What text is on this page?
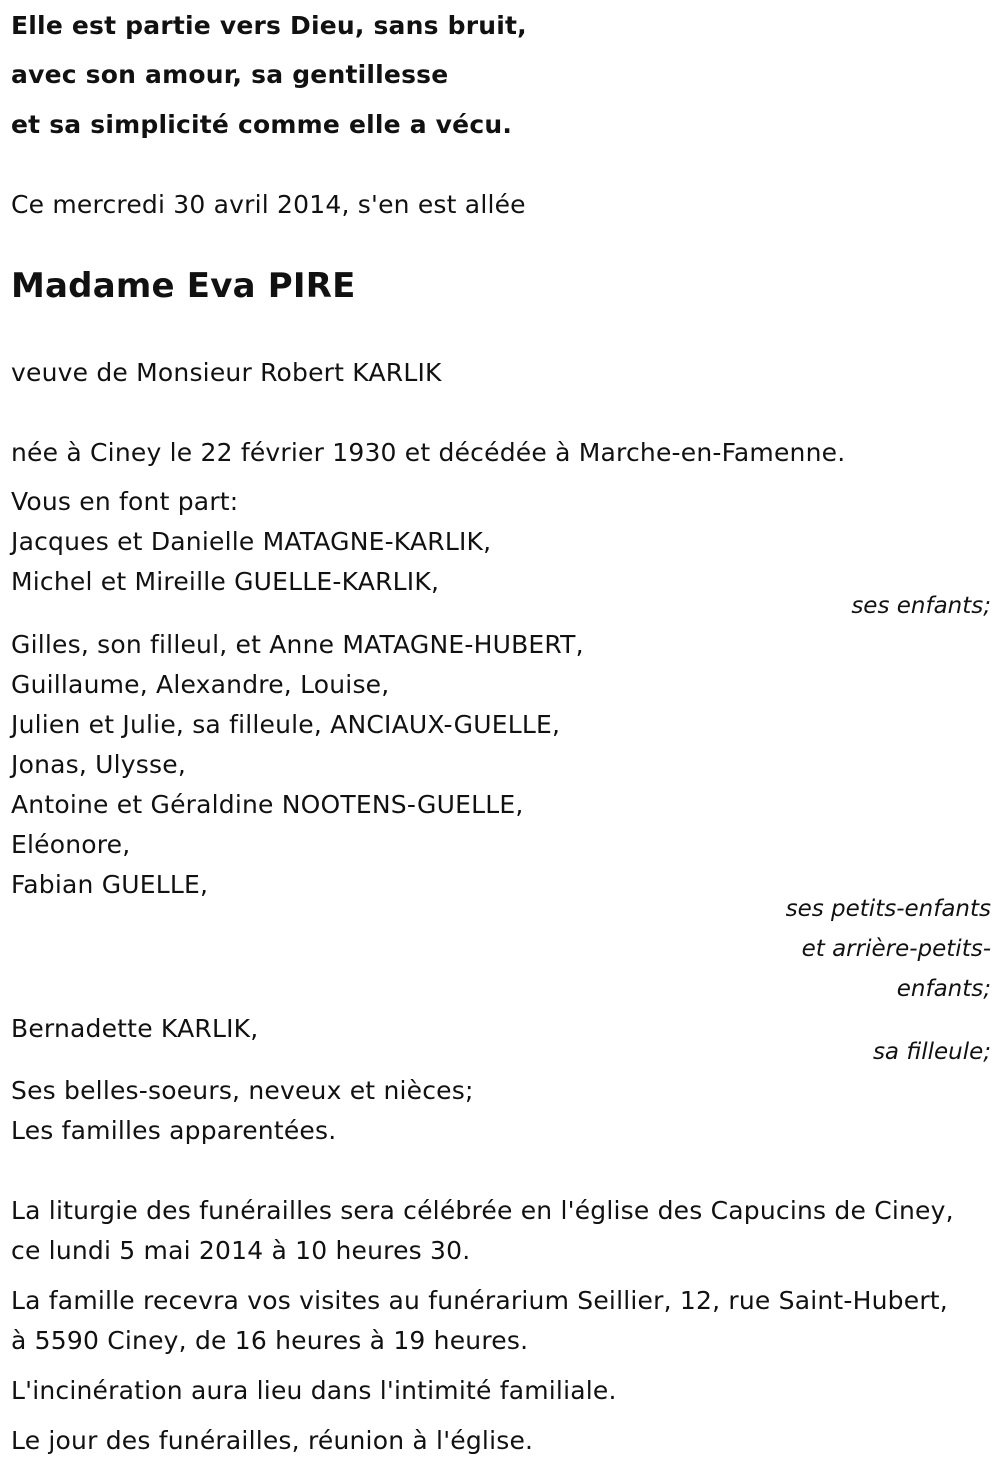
Elle est partie vers Dieu, sans bruit,
avec son amour, sa gentillesse
et sa simplicité comme elle a vécu.
Ce mercredi 30 avril 2014, s'en est allée
Madame Eva PIRE
veuve de Monsieur Robert KARLIK
née à Ciney le 22 février 1930 et décédée à Marche-en-Famenne.
Vous en font part:
Jacques et Danielle MATAGNE-KARLIK,
Michel et Mireille GUELLE-KARLIK,
ses enfants;
Gilles, son filleul, et Anne MATAGNE-HUBERT,
Guillaume, Alexandre, Louise,
Julien et Julie, sa filleule, ANCIAUX-GUELLE,
Jonas, Ulysse,
Antoine et Géraldine NOOTENS-GUELLE,
Eléonore,
Fabian GUELLE,
ses petits-enfants
et arrière-petits-
enfants;
Bernadette KARLIK,
sa filleule;
Ses belles-soeurs, neveux et nièces;
Les familles apparentées.
La liturgie des funérailles sera célébrée en l'église des Capucins de Ciney,
ce lundi 5 mai 2014 à 10 heures 30.
La famille recevra vos visites au funérarium Seillier, 12, rue Saint-Hubert,
à 5590 Ciney, de 16 heures à 19 heures.
L'incinération aura lieu dans l'intimité familiale.
Le jour des funérailles, réunion à l'église.
